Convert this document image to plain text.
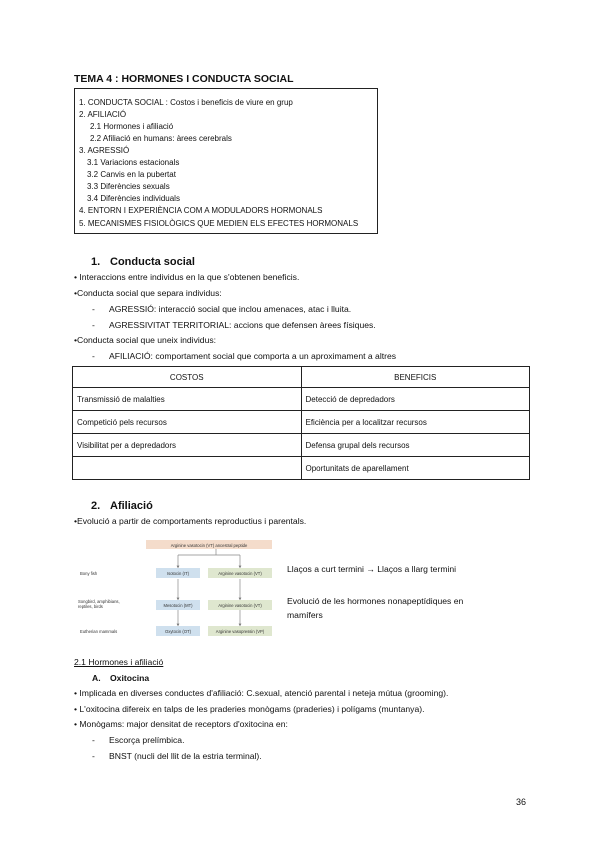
TEMA 4 : HORMONES I CONDUCTA SOCIAL
1. CONDUCTA SOCIAL : Costos i beneficis de viure en grup
2. AFILIACIÓ
2.1 Hormones i afiliació
2.2 Afiliació en humans: àrees cerebrals
3. AGRESSIÓ
3.1 Variacions estacionals
3.2 Canvis en la pubertat
3.3 Diferències sexuals
3.4 Diferències individuals
4. ENTORN I EXPERIÈNCIA COM A MODULADORS HORMONALS
5. MECANISMES FISIOLÒGICS QUE MEDIEN ELS EFECTES HORMONALS
1. Conducta social
• Interaccions entre individus en la que s'obtenen beneficis.
•Conducta social que separa individus:
- AGRESSIÓ: interacció social que inclou amenaces, atac i lluita.
- AGRESSIVITAT TERRITORIAL: accions que defensen àrees físiques.
•Conducta social que uneix individus:
- AFILIACIÓ: comportament social que comporta a un aproximament a altres
COSTOS	BENEFICIS
Transmissió de malalties	Detecció de depredadors
Competició pels recursos	Eficiència per a localitzar recursos
Visibilitat per a depredadors	Defensa grupal dels recursos
	Oportunitats de aparellament
2. Afiliació
•Evolució a partir de comportaments reproductius i parentals.
Arginine vasotocin (VT) ancestral peptide
Isotocin (IT)	Arginine vasotocin (VT)
Mesotocin (MT)	Arginine vasotocin (VT)
Oxytocin (OT)	Arginine vasopressin (VP)
Bony fish
Songbird, amphibians, reptiles, birds
Eutherian mammals
Llaços a curt termini → Llaços a llarg termini
Evolució de les hormones nonapeptídiques en
mamífers
2.1 Hormones i afiliació
A. Oxitocina
• Implicada en diverses conductes d'afiliació: C.sexual, atenció parental i neteja mútua (grooming).
• L'oxitocina difereix en talps de les praderies monògams (praderies) i polígams (muntanya).
• Monògams: major densitat de receptors d'oxitocina en:
- Escorça prelímbica.
- BNST (nucli del llit de la estria terminal).
36
